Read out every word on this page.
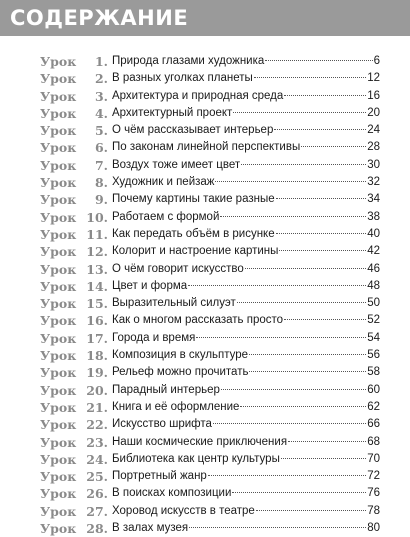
СОДЕРЖАНИЕ
Урок 1. Природа глазами художника	6
Урок 2. В разных уголках планеты	12
Урок 3. Архитектура и природная среда	16
Урок 4. Архитектурный проект	20
Урок 5. О чём рассказывает интерьер	24
Урок 6. По законам линейной перспективы	28
Урок 7. Воздух тоже имеет цвет	30
Урок 8. Художник и пейзаж	32
Урок 9. Почему картины такие разные	34
Урок 10. Работаем с формой	38
Урок 11. Как передать объём в рисунке	40
Урок 12. Колорит и настроение картины	42
Урок 13. О чём говорит искусство	46
Урок 14. Цвет и форма	48
Урок 15. Выразительный силуэт	50
Урок 16. Как о многом рассказать просто	52
Урок 17. Города и время	54
Урок 18. Композиция в скульптуре	56
Урок 19. Рельеф можно прочитать	58
Урок 20. Парадный интерьер	60
Урок 21. Книга и её оформление	62
Урок 22. Искусство шрифта	66
Урок 23. Наши космические приключения	68
Урок 24. Библиотека как центр культуры	70
Урок 25. Портретный жанр	72
Урок 26. В поисках композиции	76
Урок 27. Хоровод искусств в театре	78
Урок 28. В залах музея	80
